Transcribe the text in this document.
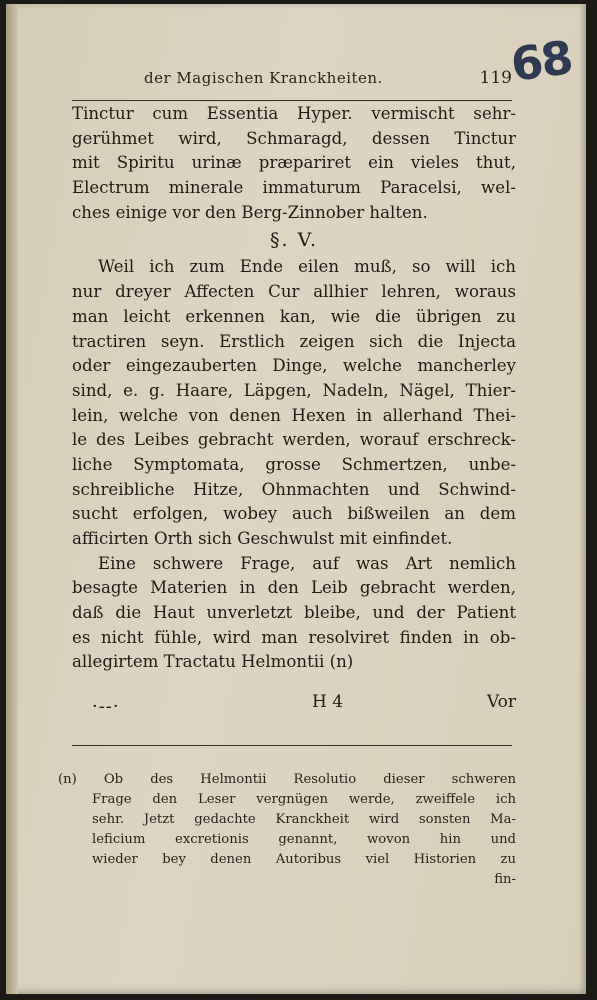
der Magischen Kranckheiten.	119
68
Tinctur cum Essentia Hyper. vermischt sehr-
gerühmet wird, Schmaragd, dessen Tinctur
mit Spiritu urinæ præpariret ein vieles thut,
Electrum minerale immaturum Paracelsi, wel-
ches einige vor den Berg-Zinnober halten.
§. V.
Weil ich zum Ende eilen muß, so will ich
nur dreyer Affecten Cur allhier lehren, woraus
man leicht erkennen kan, wie die übrigen zu
tractiren seyn. Erstlich zeigen sich die Injecta
oder eingezauberten Dinge, welche mancherley
sind, e. g. Haare, Läpgen, Nadeln, Nägel, Thier-
lein, welche von denen Hexen in allerhand Thei-
le des Leibes gebracht werden, worauf erschreck-
liche Symptomata, grosse Schmertzen, unbe-
schreibliche Hitze, Ohnmachten und Schwind-
sucht erfolgen, wobey auch bißweilen an dem
afficirten Orth sich Geschwulst mit einfindet.
Eine schwere Frage, auf was Art nemlich
besagte Materien in den Leib gebracht werden,
daß die Haut unverletzt bleibe, und der Patient
es nicht fühle, wird man resolviret finden in ob-
allegirtem Tractatu Helmontii (n)
·--·	H 4	Vor
(n) Ob des Helmontii Resolutio dieser schweren
Frage den Leser vergnügen werde, zweiffele ich
sehr. Jetzt gedachte Kranckheit wird sonsten Ma-
leficium excretionis genannt, wovon hin und
wieder bey denen Autoribus viel Historien zu
fin-
